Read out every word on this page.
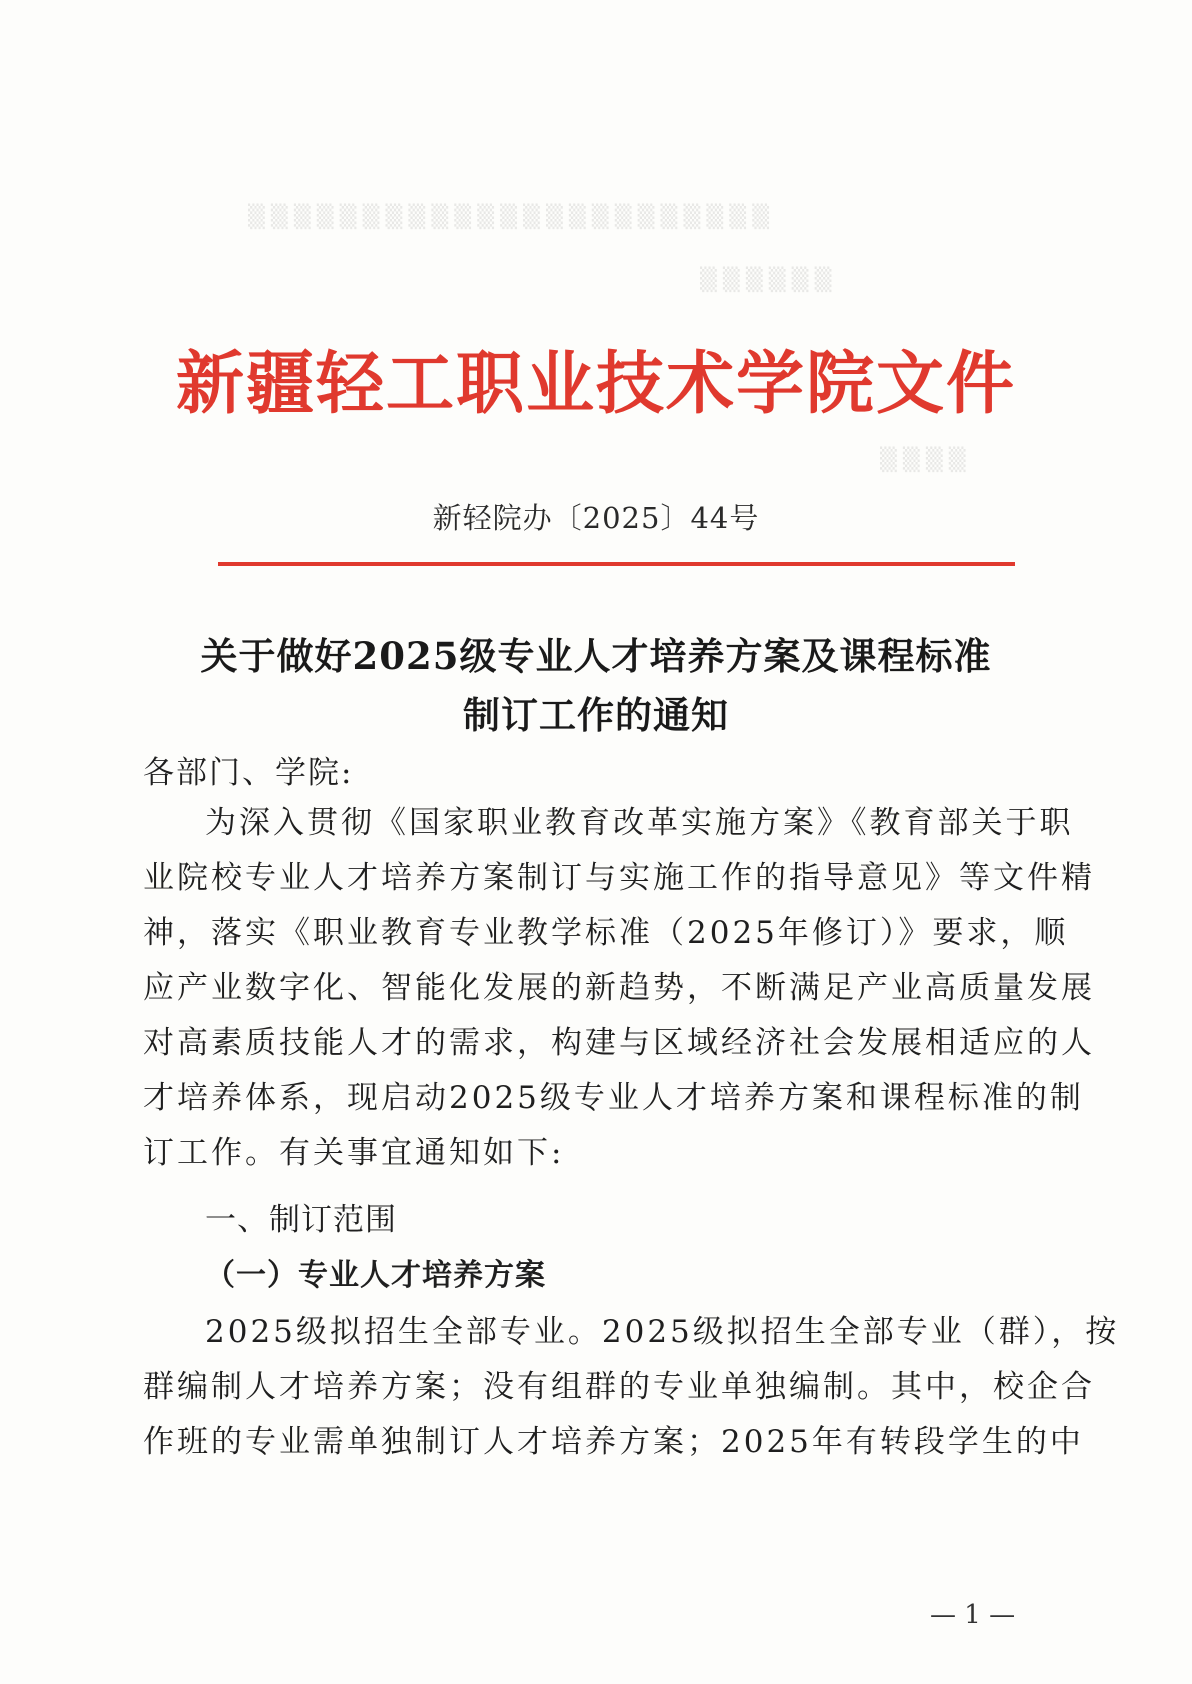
▒▒▒▒▒▒▒▒▒▒▒▒▒▒▒▒▒▒▒▒▒▒▒
▒▒▒▒▒▒
▒▒▒▒
新疆轻工职业技术学院文件
新轻院办〔2025〕44号
关于做好2025级专业人才培养方案及课程标准
制订工作的通知
各部门、学院:
为深入贯彻《国家职业教育改革实施方案》《教育部关于职
业院校专业人才培养方案制订与实施工作的指导意见》等文件精
神，落实《职业教育专业教学标准（2025年修订）》要求，顺
应产业数字化、智能化发展的新趋势，不断满足产业高质量发展
对高素质技能人才的需求，构建与区域经济社会发展相适应的人
才培养体系，现启动2025级专业人才培养方案和课程标准的制
订工作。有关事宜通知如下:
一、制订范围
（一）专业人才培养方案
2025级拟招生全部专业。2025级拟招生全部专业（群），按
群编制人才培养方案；没有组群的专业单独编制。其中，校企合
作班的专业需单独制订人才培养方案；2025年有转段学生的中
— 1 —
